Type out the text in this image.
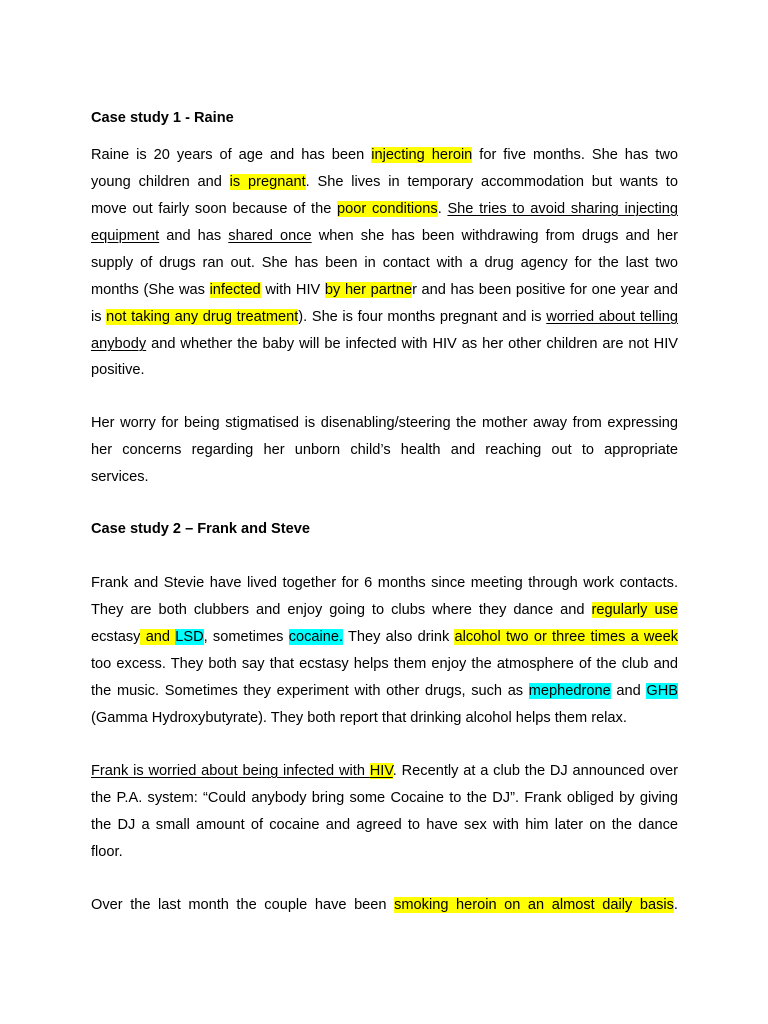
Case study 1 - Raine
Raine is 20 years of age and has been injecting heroin for five months. She has two
young children and is pregnant. She lives in temporary accommodation but wants to
move out fairly soon because of the poor conditions. She tries to avoid sharing injecting
equipment and has shared once when she has been withdrawing from drugs and her
supply of drugs ran out. She has been in contact with a drug agency for the last two
months (She was infected with HIV by her partner and has been positive for one year and
is not taking any drug treatment). She is four months pregnant and is worried about telling
anybody and whether the baby will be infected with HIV as her other children are not HIV
positive.
Her worry for being stigmatised is disenabling/steering the mother away from expressing
her concerns regarding her unborn child’s health and reaching out to appropriate
services.
Case study 2 – Frank and Steve
Frank and Stevie have lived together for 6 months since meeting through work contacts.
They are both clubbers and enjoy going to clubs where they dance and regularly use
ecstasy and LSD, sometimes cocaine. They also drink alcohol two or three times a week
too excess. They both say that ecstasy helps them enjoy the atmosphere of the club and
the music. Sometimes they experiment with other drugs, such as mephedrone and GHB
(Gamma Hydroxybutyrate). They both report that drinking alcohol helps them relax.
Frank is worried about being infected with HIV. Recently at a club the DJ announced over
the P.A. system: “Could anybody bring some Cocaine to the DJ”. Frank obliged by giving
the DJ a small amount of cocaine and agreed to have sex with him later on the dance
floor.
Over the last month the couple have been smoking heroin on an almost daily basis.
